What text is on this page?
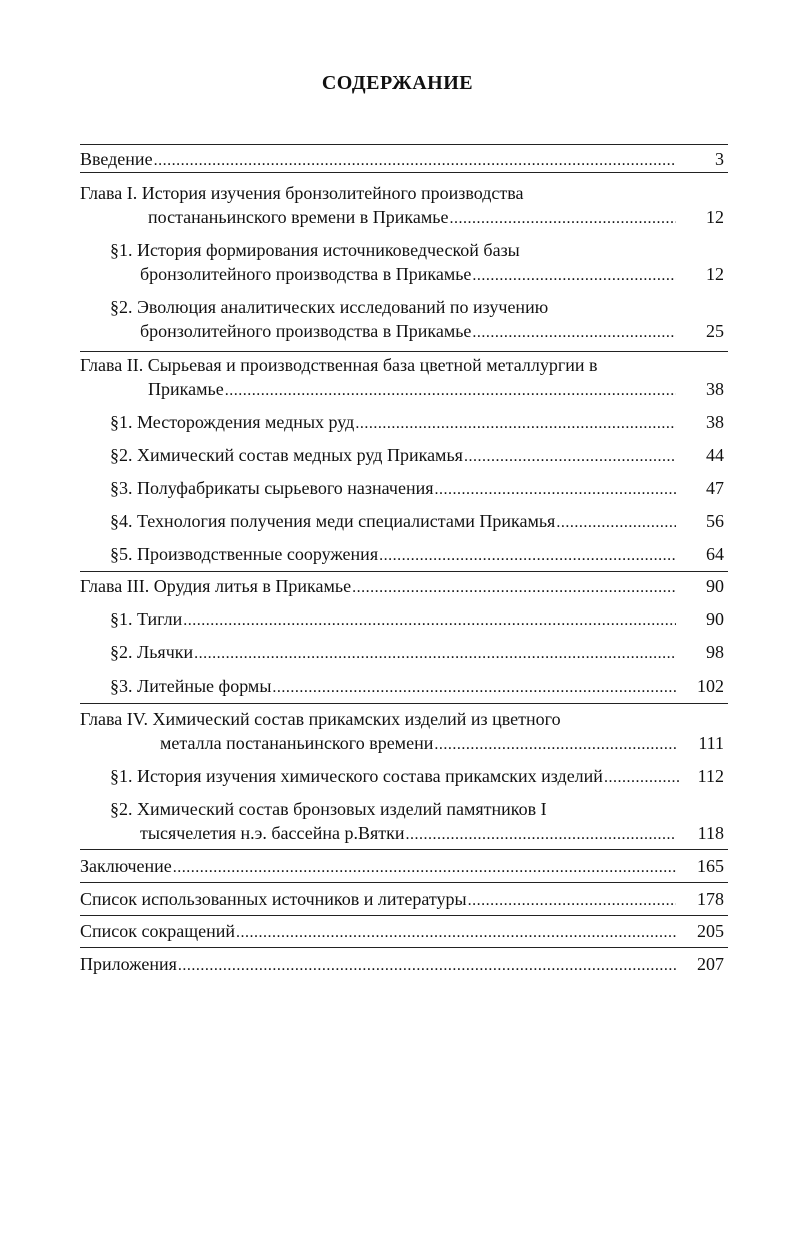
СОДЕРЖАНИЕ
Введение .....	3
Глава I. История изучения бронзолитейного производства
постананьинского времени в Прикамье .....	12
§1. История формирования источниковедческой базы
бронзолитейного производства в Прикамье .....	12
§2. Эволюция аналитических исследований по изучению
бронзолитейного производства в Прикамье .....	25
Глава II. Сырьевая и производственная база цветной металлургии в
Прикамье .....	38
§1. Месторождения медных руд .....	38
§2. Химический состав медных руд Прикамья .....	44
§3. Полуфабрикаты сырьевого назначения .....	47
§4. Технология получения меди специалистами Прикамья .....	56
§5. Производственные сооружения .....	64
Глава III. Орудия литья в Прикамье .....	90
§1. Тигли .....	90
§2. Льячки .....	98
§3. Литейные формы .....	102
Глава IV. Химический состав прикамских изделий из цветного
металла постананьинского времени .....	111
§1. История изучения химического состава прикамских изделий .....	112
§2. Химический состав бронзовых изделий памятников I
тысячелетия н.э. бассейна р.Вятки .....	118
Заключение .....	165
Список использованных источников и литературы .....	178
Список сокращений .....	205
Приложения .....	207
